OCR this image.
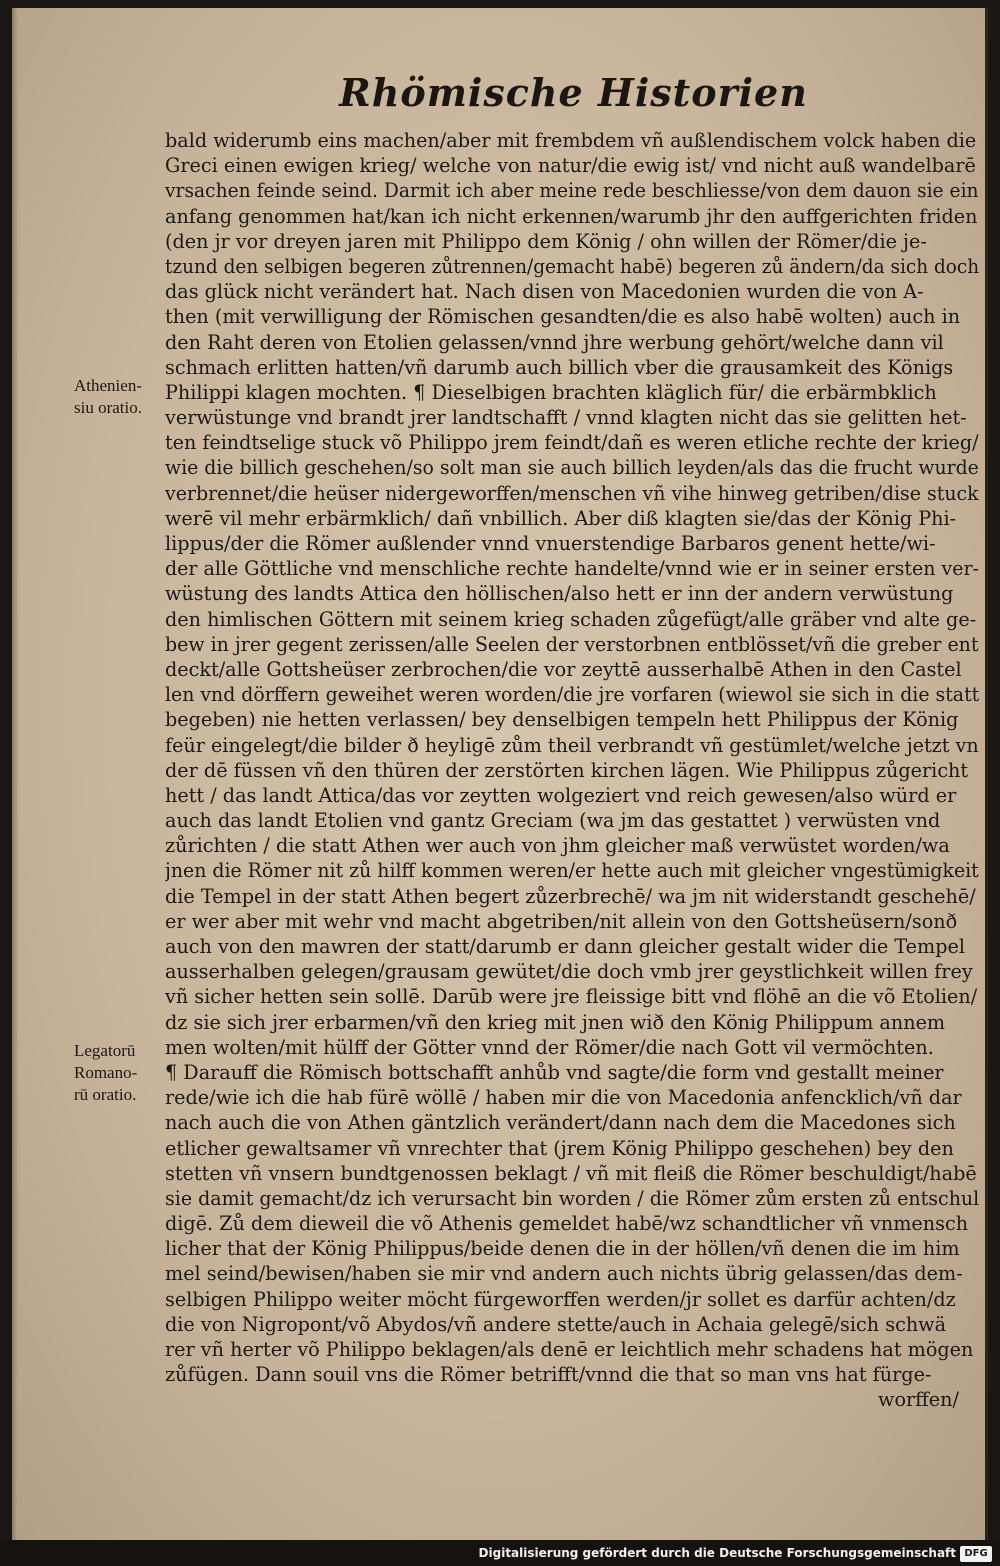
Rhömische Historien
Athenien-
siu oratio.
Legatorū
Romano-
rū oratio.
bald widerumb eins machen/aber mit frembdem vñ außlendischem volck haben die
Greci einen ewigen krieg/ welche von natur/die ewig ist/ vnd nicht auß wandelbarē
vrsachen feinde seind. Darmit ich aber meine rede beschliesse/von dem dauon sie ein
anfang genommen hat/kan ich nicht erkennen/warumb jhr den auffgerichten friden
(den jr vor dreyen jaren mit Philippo dem König / ohn willen der Römer/die je-
tzund den selbigen begeren zůtrennen/gemacht habē) begeren zů ändern/da sich doch
das glück nicht verändert hat. Nach disen von Macedonien wurden die von A-
then (mit verwilligung der Römischen gesandten/die es also habē wolten) auch in
den Raht deren von Etolien gelassen/vnnd jhre werbung gehört/welche dann vil
schmach erlitten hatten/vñ darumb auch billich vber die grausamkeit des Königs
Philippi klagen mochten. ¶ Dieselbigen brachten kläglich für/ die erbärmbklich
verwüstunge vnd brandt jrer landtschafft / vnnd klagten nicht das sie gelitten het-
ten feindtselige stuck võ Philippo jrem feindt/dañ es weren etliche rechte der krieg/
wie die billich geschehen/so solt man sie auch billich leyden/als das die frucht wurde
verbrennet/die heüser nidergeworffen/menschen vñ vihe hinweg getriben/dise stuck
werē vil mehr erbärmklich/ dañ vnbillich. Aber diß klagten sie/das der König Phi-
lippus/der die Römer außlender vnnd vnuerstendige Barbaros genent hette/wi-
der alle Göttliche vnd menschliche rechte handelte/vnnd wie er in seiner ersten ver-
wüstung des landts Attica den höllischen/also hett er inn der andern verwüstung
den himlischen Göttern mit seinem krieg schaden zůgefügt/alle gräber vnd alte ge-
bew in jrer gegent zerissen/alle Seelen der verstorbnen entblösset/vñ die greber ent
deckt/alle Gottsheüser zerbrochen/die vor zeyttē ausserhalbē Athen in den Castel
len vnd dörffern geweihet weren worden/die jre vorfaren (wiewol sie sich in die statt
begeben) nie hetten verlassen/ bey denselbigen tempeln hett Philippus der König
feür eingelegt/die bilder ð heyligē zům theil verbrandt vñ gestümlet/welche jetzt vn
der dē füssen vñ den thüren der zerstörten kirchen lägen. Wie Philippus zůgericht
hett / das landt Attica/das vor zeytten wolgeziert vnd reich gewesen/also würd er
auch das landt Etolien vnd gantz Greciam (wa jm das gestattet ) verwüsten vnd
zůrichten / die statt Athen wer auch von jhm gleicher maß verwüstet worden/wa
jnen die Römer nit zů hilff kommen weren/er hette auch mit gleicher vngestümigkeit
die Tempel in der statt Athen begert zůzerbrechē/ wa jm nit widerstandt geschehē/
er wer aber mit wehr vnd macht abgetriben/nit allein von den Gottsheüsern/sonð
auch von den mawren der statt/darumb er dann gleicher gestalt wider die Tempel
ausserhalben gelegen/grausam gewütet/die doch vmb jrer geystlichkeit willen frey
vñ sicher hetten sein sollē. Darūb were jre fleissige bitt vnd flöhē an die võ Etolien/
dz sie sich jrer erbarmen/vñ den krieg mit jnen wið den König Philippum annem
men wolten/mit hülff der Götter vnnd der Römer/die nach Gott vil vermöchten.
¶ Darauff die Römisch bottschafft anhůb vnd sagte/die form vnd gestallt meiner
rede/wie ich die hab fürē wöllē / haben mir die von Macedonia anfencklich/vñ dar
nach auch die von Athen gäntzlich verändert/dann nach dem die Macedones sich
etlicher gewaltsamer vñ vnrechter that (jrem König Philippo geschehen) bey den
stetten vñ vnsern bundtgenossen beklagt / vñ mit fleiß die Römer beschuldigt/habē
sie damit gemacht/dz ich verursacht bin worden / die Römer zům ersten zů entschul
digē. Zů dem dieweil die võ Athenis gemeldet habē/wz schandtlicher vñ vnmensch
licher that der König Philippus/beide denen die in der höllen/vñ denen die im him
mel seind/bewisen/haben sie mir vnd andern auch nichts übrig gelassen/das dem-
selbigen Philippo weiter möcht fürgeworffen werden/jr sollet es darfür achten/dz
die von Nigropont/võ Abydos/vñ andere stette/auch in Achaia gelegē/sich schwä
rer vñ herter võ Philippo beklagen/als denē er leichtlich mehr schadens hat mögen
zůfügen. Dann souil vns die Römer betrifft/vnnd die that so man vns hat fürge-
worffen/
Digitalisierung gefördert durch die Deutsche Forschungsgemeinschaft DFG
